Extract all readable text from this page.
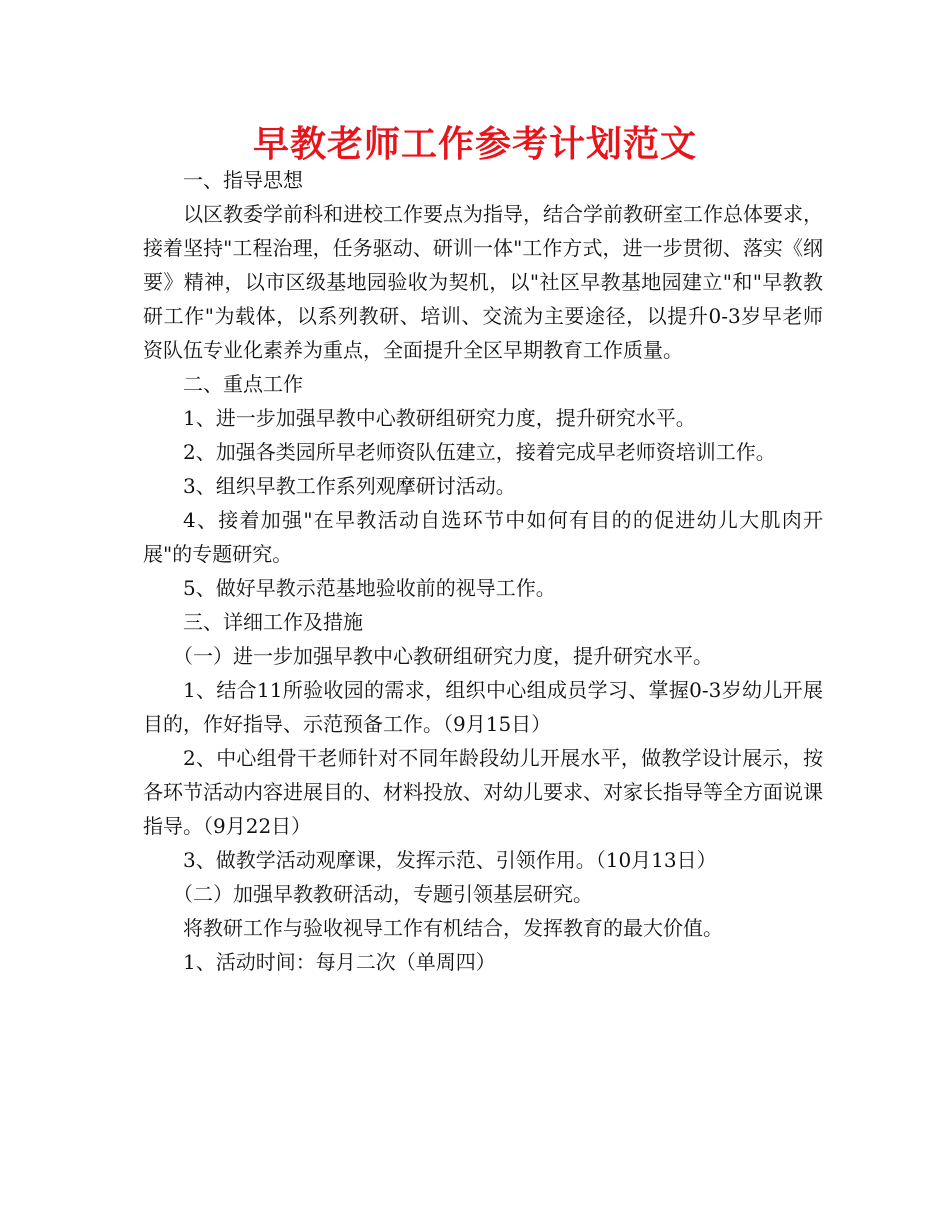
早教老师工作参考计划范文

一、指导思想

以区教委学前科和进校工作要点为指导，结合学前教研室工作总体要求，接着坚持"工程治理，任务驱动、研训一体"工作方式，进一步贯彻、落实《纲要》精神，以市区级基地园验收为契机，以"社区早教基地园建立"和"早教教研工作"为载体，以系列教研、培训、交流为主要途径，以提升0-3岁早老师资队伍专业化素养为重点，全面提升全区早期教育工作质量。

二、重点工作

1、进一步加强早教中心教研组研究力度，提升研究水平。

2、加强各类园所早老师资队伍建立，接着完成早老师资培训工作。

3、组织早教工作系列观摩研讨活动。

4、接着加强"在早教活动自选环节中如何有目的的促进幼儿大肌肉开展"的专题研究。

5、做好早教示范基地验收前的视导工作。

三、详细工作及措施

（一）进一步加强早教中心教研组研究力度，提升研究水平。

1、结合11所验收园的需求，组织中心组成员学习、掌握0-3岁幼儿开展目的，作好指导、示范预备工作。（9月15日）

2、中心组骨干老师针对不同年龄段幼儿开展水平，做教学设计展示，按各环节活动内容进展目的、材料投放、对幼儿要求、对家长指导等全方面说课指导。（9月22日）

3、做教学活动观摩课，发挥示范、引领作用。（10月13日）

（二）加强早教教研活动，专题引领基层研究。

将教研工作与验收视导工作有机结合，发挥教育的最大价值。

1、活动时间：每月二次（单周四）
